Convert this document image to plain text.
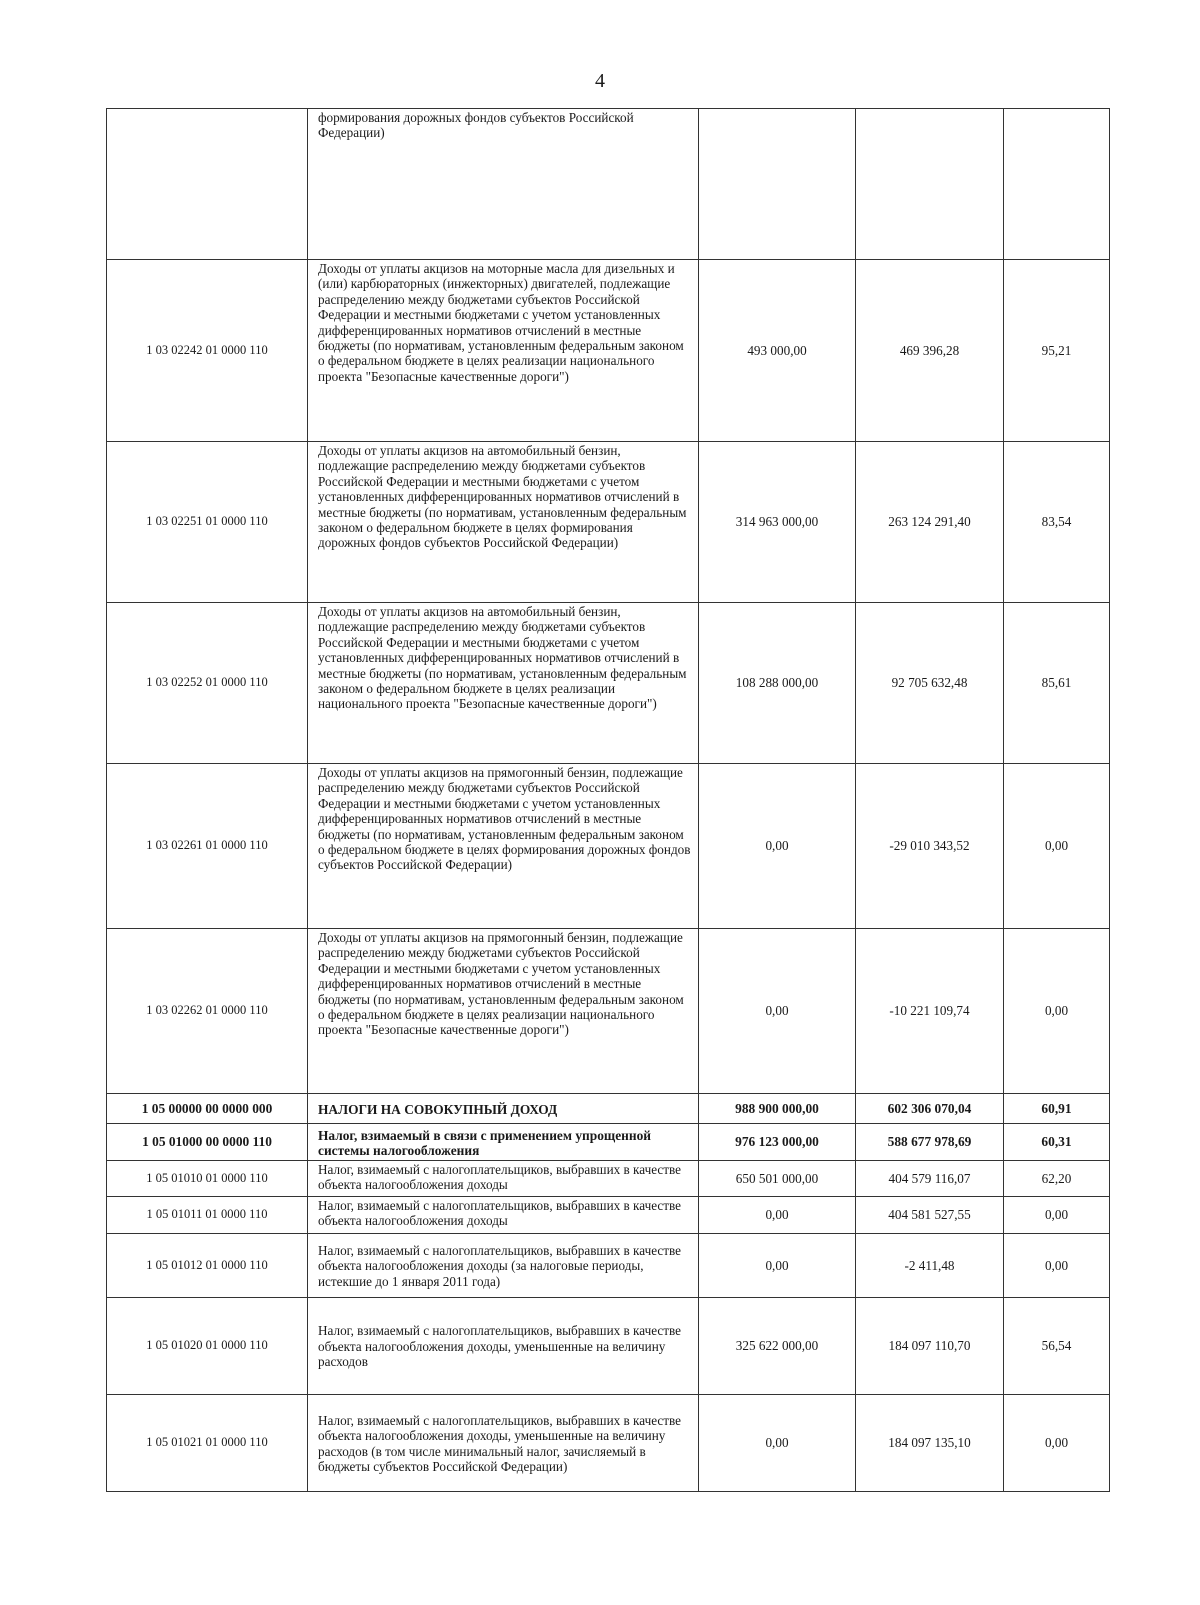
4
	формирования дорожных фондов субъектов Российской Федерации)			
1 03 02242 01 0000 110	Доходы от уплаты акцизов на моторные масла для дизельных и (или) карбюраторных (инжекторных) двигателей, подлежащие распределению между бюджетами субъектов Российской Федерации и местными бюджетами с учетом установленных дифференцированных нормативов отчислений в местные бюджеты (по нормативам, установленным федеральным законом о федеральном бюджете в целях реализации национального проекта "Безопасные качественные дороги")	493 000,00	469 396,28	95,21
1 03 02251 01 0000 110	Доходы от уплаты акцизов на автомобильный бензин, подлежащие распределению между бюджетами субъектов Российской Федерации и местными бюджетами с учетом установленных дифференцированных нормативов отчислений в местные бюджеты (по нормативам, установленным федеральным законом о федеральном бюджете в целях формирования дорожных фондов субъектов Российской Федерации)	314 963 000,00	263 124 291,40	83,54
1 03 02252 01 0000 110	Доходы от уплаты акцизов на автомобильный бензин, подлежащие распределению между бюджетами субъектов Российской Федерации и местными бюджетами с учетом установленных дифференцированных нормативов отчислений в местные бюджеты (по нормативам, установленным федеральным законом о федеральном бюджете в целях реализации национального проекта "Безопасные качественные дороги")	108 288 000,00	92 705 632,48	85,61
1 03 02261 01 0000 110	Доходы от уплаты акцизов на прямогонный бензин, подлежащие распределению между бюджетами субъектов Российской Федерации и местными бюджетами с учетом установленных дифференцированных нормативов отчислений в местные бюджеты (по нормативам, установленным федеральным законом о федеральном бюджете в целях формирования дорожных фондов субъектов Российской Федерации)	0,00	-29 010 343,52	0,00
1 03 02262 01 0000 110	Доходы от уплаты акцизов на прямогонный бензин, подлежащие распределению между бюджетами субъектов Российской Федерации и местными бюджетами с учетом установленных дифференцированных нормативов отчислений в местные бюджеты (по нормативам, установленным федеральным законом о федеральном бюджете в целях реализации национального проекта "Безопасные качественные дороги")	0,00	-10 221 109,74	0,00
1 05 00000 00 0000 000	НАЛОГИ НА СОВОКУПНЫЙ ДОХОД	988 900 000,00	602 306 070,04	60,91
1 05 01000 00 0000 110	Налог, взимаемый в связи с применением упрощенной системы налогообложения	976 123 000,00	588 677 978,69	60,31
1 05 01010 01 0000 110	Налог, взимаемый с налогоплательщиков, выбравших в качестве объекта налогообложения доходы	650 501 000,00	404 579 116,07	62,20
1 05 01011 01 0000 110	Налог, взимаемый с налогоплательщиков, выбравших в качестве объекта налогообложения доходы	0,00	404 581 527,55	0,00
1 05 01012 01 0000 110	Налог, взимаемый с налогоплательщиков, выбравших в качестве объекта налогообложения доходы (за налоговые периоды, истекшие до 1 января 2011 года)	0,00	-2 411,48	0,00
1 05 01020 01 0000 110	Налог, взимаемый с налогоплательщиков, выбравших в качестве объекта налогообложения доходы, уменьшенные на величину расходов	325 622 000,00	184 097 110,70	56,54
1 05 01021 01 0000 110	Налог, взимаемый с налогоплательщиков, выбравших в качестве объекта налогообложения доходы, уменьшенные на величину расходов (в том числе минимальный налог, зачисляемый в бюджеты субъектов Российской Федерации)	0,00	184 097 135,10	0,00
